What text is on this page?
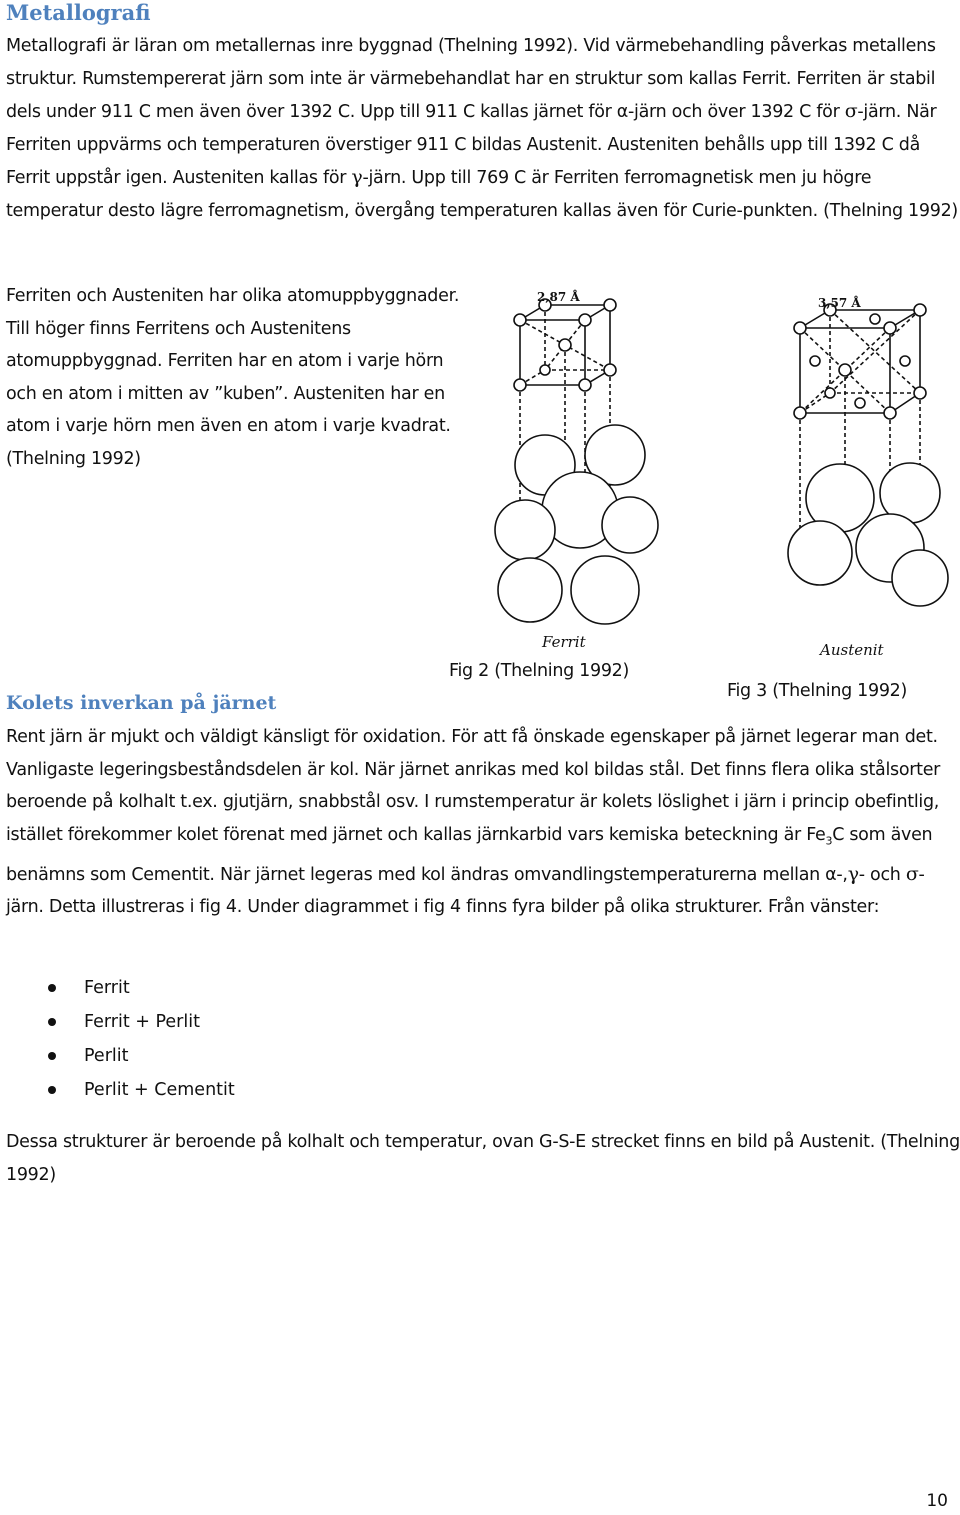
Metallografi
Metallografi är läran om metallernas inre byggnad (Thelning 1992). Vid värmebehandling påverkas metallens struktur. Rumstempererat järn som inte är värmebehandlat har en struktur som kallas Ferrit. Ferriten är stabil dels under 911 C men även över 1392 C. Upp till 911 C kallas järnet för α-järn och över 1392 C för σ-järn. När Ferriten uppvärms och temperaturen överstiger 911 C bildas Austenit. Austeniten behålls upp till 1392 C då Ferrit uppstår igen. Austeniten kallas för γ-järn. Upp till 769 C är Ferriten ferromagnetisk men ju högre temperatur desto lägre ferromagnetism, övergång temperaturen kallas även för Curie-punkten. (Thelning 1992)
Ferriten och Austeniten har olika atomuppbyggnader. Till höger finns Ferritens och Austenitens atomuppbyggnad. Ferriten har en atom i varje hörn och en atom i mitten av ”kuben”. Austeniten har en atom i varje hörn men även en atom i varje kvadrat. (Thelning 1992)
2,87 Å
Ferrit
3,57 Å
Austenit
Fig 2 (Thelning 1992)
Fig 3 (Thelning 1992)
Kolets inverkan på järnet
Rent järn är mjukt och väldigt känsligt för oxidation. För att få önskade egenskaper på järnet legerar man det. Vanligaste legeringsbeståndsdelen är kol. När järnet anrikas med kol bildas stål. Det finns flera olika stålsorter beroende på kolhalt t.ex. gjutjärn, snabbstål osv. I rumstemperatur är kolets löslighet i järn i princip obefintlig, istället förekommer kolet förenat med järnet och kallas järnkarbid vars kemiska beteckning är $Fe_3C$ som även benämns som Cementit. När järnet legeras med kol ändras omvandlingstemperaturerna mellan α-,γ- och σ-järn. Detta illustreras i fig 4. Under diagrammet i fig 4 finns fyra bilder på olika strukturer. Från vänster:
Ferrit
Ferrit + Perlit
Perlit
Perlit + Cementit
Dessa strukturer är beroende på kolhalt och temperatur, ovan G-S-E strecket finns en bild på Austenit. (Thelning 1992)
10
